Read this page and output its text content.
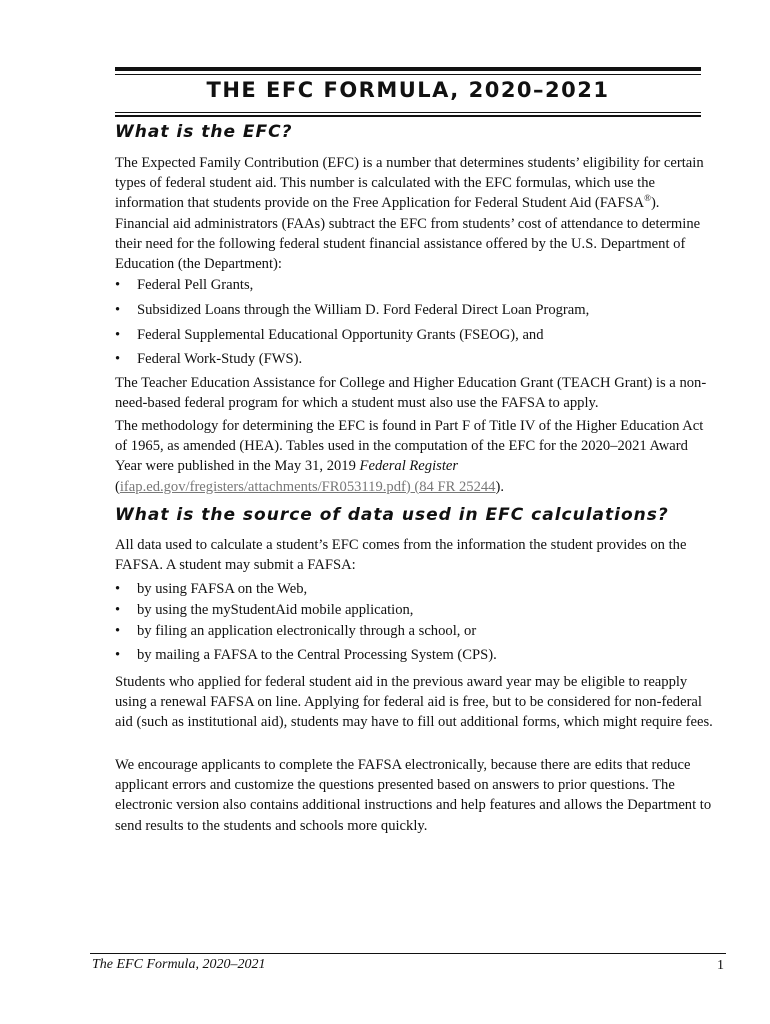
THE EFC FORMULA, 2020–2021
What is the EFC?
The Expected Family Contribution (EFC) is a number that determines students’ eligibility for certain types of federal student aid. This number is calculated with the EFC formulas, which use the information that students provide on the Free Application for Federal Student Aid (FAFSA®). Financial aid administrators (FAAs) subtract the EFC from students’ cost of attendance to determine their need for the following federal student financial assistance offered by the U.S. Department of Education (the Department):
• Federal Pell Grants,
• Subsidized Loans through the William D. Ford Federal Direct Loan Program,
• Federal Supplemental Educational Opportunity Grants (FSEOG), and
• Federal Work-Study (FWS).
The Teacher Education Assistance for College and Higher Education Grant (TEACH Grant) is a non-need-based federal program for which a student must also use the FAFSA to apply.
The methodology for determining the EFC is found in Part F of Title IV of the Higher Education Act of 1965, as amended (HEA). Tables used in the computation of the EFC for the 2020–2021 Award Year were published in the May 31, 2019 Federal Register
(ifap.ed.gov/fregisters/attachments/FR053119.pdf) (84 FR 25244).
What is the source of data used in EFC calculations?
All data used to calculate a student’s EFC comes from the information the student provides on the FAFSA. A student may submit a FAFSA:
• by using FAFSA on the Web,
• by using the myStudentAid mobile application,
• by filing an application electronically through a school, or
• by mailing a FAFSA to the Central Processing System (CPS).
Students who applied for federal student aid in the previous award year may be eligible to reapply using a renewal FAFSA on line. Applying for federal aid is free, but to be considered for non-federal aid (such as institutional aid), students may have to fill out additional forms, which might require fees.
We encourage applicants to complete the FAFSA electronically, because there are edits that reduce applicant errors and customize the questions presented based on answers to prior questions. The electronic version also contains additional instructions and help features and allows the Department to send results to the students and schools more quickly.
The EFC Formula, 2020–2021	1
